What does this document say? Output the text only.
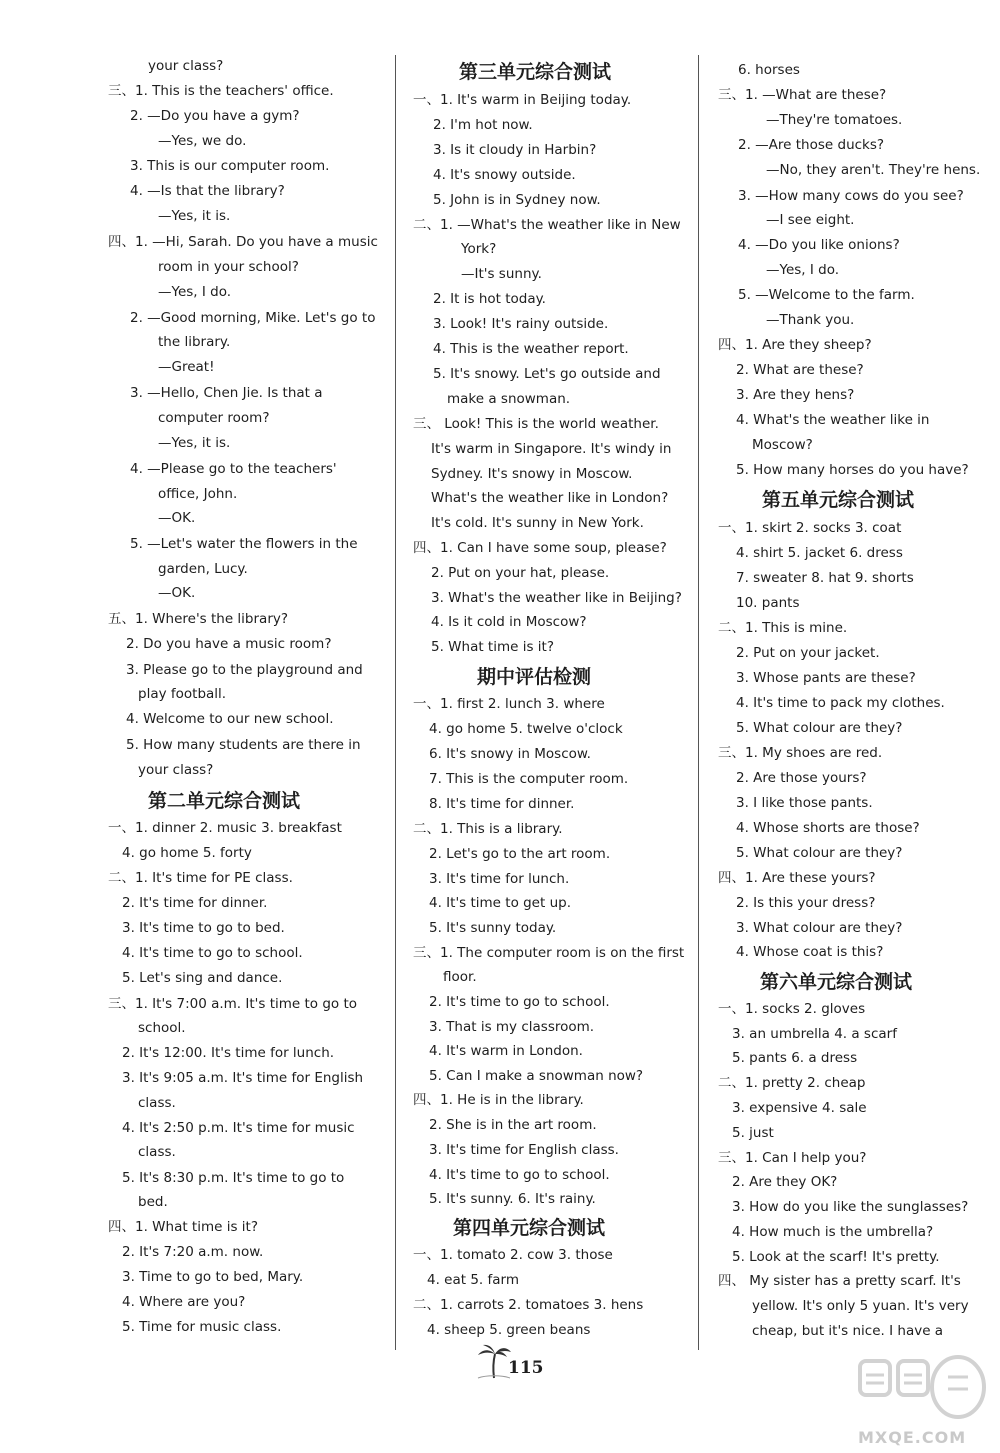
your class?
三、1. This is the teachers' office.
2. —Do you have a gym?
—Yes, we do.
3. This is our computer room.
4. —Is that the library?
—Yes, it is.
四、1. —Hi, Sarah. Do you have a music
room in your school?
—Yes, I do.
2. —Good morning, Mike. Let's go to
the library.
—Great!
3. —Hello, Chen Jie. Is that a
computer room?
—Yes, it is.
4. —Please go to the teachers'
office, John.
—OK.
5. —Let's water the flowers in the
garden, Lucy.
—OK.
五、1. Where's the library?
2. Do you have a music room?
3. Please go to the playground and
play football.
4. Welcome to our new school.
5. How many students are there in
your class?
第二单元综合测试
一、1. dinner 2. music 3. breakfast
4. go home 5. forty
二、1. It's time for PE class.
2. It's time for dinner.
3. It's time to go to bed.
4. It's time to go to school.
5. Let's sing and dance.
三、1. It's 7:00 a.m. It's time to go to
school.
2. It's 12:00. It's time for lunch.
3. It's 9:05 a.m. It's time for English
class.
4. It's 2:50 p.m. It's time for music
class.
5. It's 8:30 p.m. It's time to go to
bed.
四、1. What time is it?
2. It's 7:20 a.m. now.
3. Time to go to bed, Mary.
4. Where are you?
5. Time for music class.
第三单元综合测试
一、1. It's warm in Beijing today.
2. I'm hot now.
3. Is it cloudy in Harbin?
4. It's snowy outside.
5. John is in Sydney now.
二、1. —What's the weather like in New
York?
—It's sunny.
2. It is hot today.
3. Look! It's rainy outside.
4. This is the weather report.
5. It's snowy. Let's go outside and
make a snowman.
三、 Look! This is the world weather.
It's warm in Singapore. It's windy in
Sydney. It's snowy in Moscow.
What's the weather like in London?
It's cold. It's sunny in New York.
四、1. Can I have some soup, please?
2. Put on your hat, please.
3. What's the weather like in Beijing?
4. Is it cold in Moscow?
5. What time is it?
期中评估检测
一、1. first 2. lunch 3. where
4. go home 5. twelve o'clock
6. It's snowy in Moscow.
7. This is the computer room.
8. It's time for dinner.
二、1. This is a library.
2. Let's go to the art room.
3. It's time for lunch.
4. It's time to get up.
5. It's sunny today.
三、1. The computer room is on the first
floor.
2. It's time to go to school.
3. That is my classroom.
4. It's warm in London.
5. Can I make a snowman now?
四、1. He is in the library.
2. She is in the art room.
3. It's time for English class.
4. It's time to go to school.
5. It's sunny. 6. It's rainy.
第四单元综合测试
一、1. tomato 2. cow 3. those
4. eat 5. farm
二、1. carrots 2. tomatoes 3. hens
4. sheep 5. green beans
6. horses
三、1. —What are these?
—They're tomatoes.
2. —Are those ducks?
—No, they aren't. They're hens.
3. —How many cows do you see?
—I see eight.
4. —Do you like onions?
—Yes, I do.
5. —Welcome to the farm.
—Thank you.
四、1. Are they sheep?
2. What are these?
3. Are they hens?
4. What's the weather like in
Moscow?
5. How many horses do you have?
第五单元综合测试
一、1. skirt 2. socks 3. coat
4. shirt 5. jacket 6. dress
7. sweater 8. hat 9. shorts
10. pants
二、1. This is mine.
2. Put on your jacket.
3. Whose pants are these?
4. It's time to pack my clothes.
5. What colour are they?
三、1. My shoes are red.
2. Are those yours?
3. I like those pants.
4. Whose shorts are those?
5. What colour are they?
四、1. Are these yours?
2. Is this your dress?
3. What colour are they?
4. Whose coat is this?
第六单元综合测试
一、1. socks 2. gloves
3. an umbrella 4. a scarf
5. pants 6. a dress
二、1. pretty 2. cheap
3. expensive 4. sale
5. just
三、1. Can I help you?
2. Are they OK?
3. How do you like the sunglasses?
4. How much is the umbrella?
5. Look at the scarf! It's pretty.
四、 My sister has a pretty scarf. It's
yellow. It's only 5 yuan. It's very
cheap, but it's nice. I have a
115
MXQE.COM
